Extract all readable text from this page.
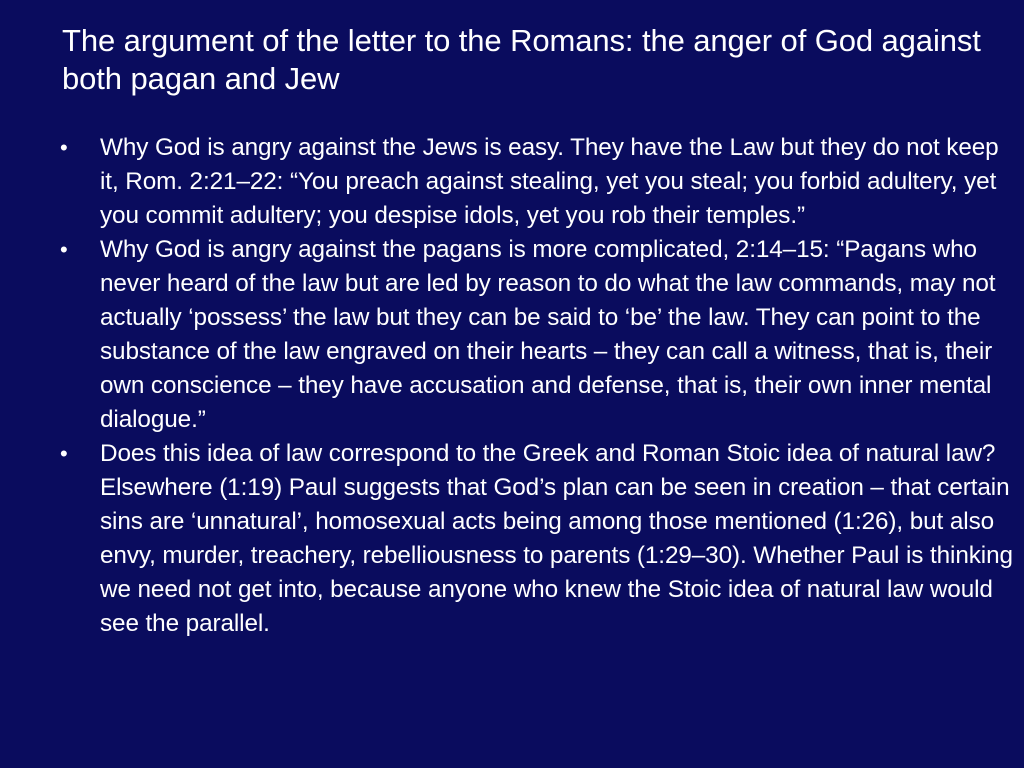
The argument of the letter to the Romans: the anger of God against both pagan and Jew
• Why God is angry against the Jews is easy. They have the Law but they do not keep it, Rom. 2:21–22: “You preach against stealing, yet you steal; you forbid adultery, yet you commit adultery; you despise idols, yet you rob their temples.”
• Why God is angry against the pagans is more complicated, 2:14–15: “Pagans who never heard of the law but are led by reason to do what the law commands, may not actually ‘possess’ the law but they can be said to ‘be’ the law. They can point to the substance of the law engraved on their hearts – they can call a witness, that is, their own conscience – they have accusation and defense, that is, their own inner mental dialogue.”
• Does this idea of law correspond to the Greek and Roman Stoic idea of natural law? Elsewhere (1:19) Paul suggests that God’s plan can be seen in creation – that certain sins are ‘unnatural’, homosexual acts being among those mentioned (1:26), but also envy, murder, treachery, rebelliousness to parents (1:29–30). Whether Paul is thinking we need not get into, because anyone who knew the Stoic idea of natural law would see the parallel.
